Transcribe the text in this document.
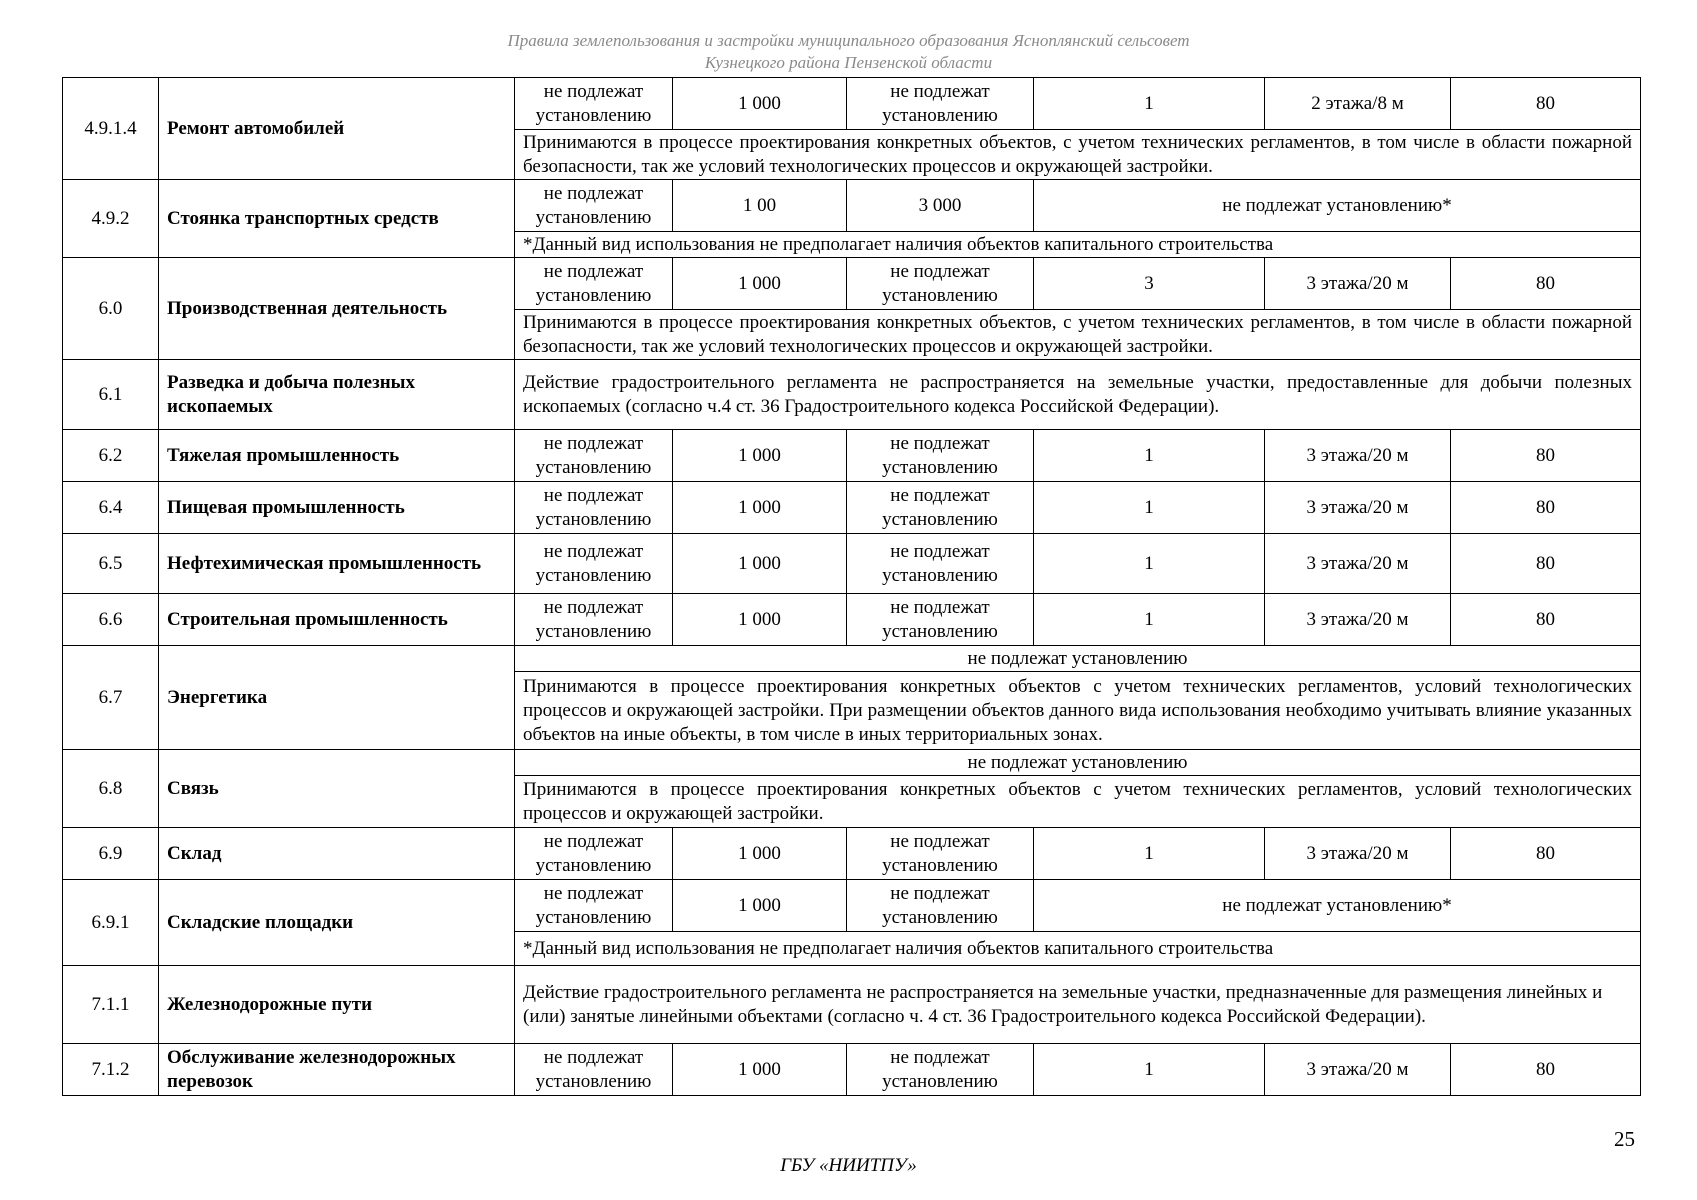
Правила землепользования и застройки муниципального образования Ясноплянский сельсовет
Кузнецкого района Пензенской области
4.9.1.4	Ремонт автомобилей	не подлежат установлению	1 000	не подлежат установлению	1	2 этажа/8 м	80
		Принимаются в процессе проектирования конкретных объектов, с учетом технических регламентов, в том числе в области пожарной безопасности, так же условий технологических процессов и окружающей застройки.					
4.9.2	Стоянка транспортных средств	не подлежат установлению	1 00	3 000	не подлежат установлению*		
		*Данный вид использования не предполагает наличия объектов капитального строительства					
6.0	Производственная деятельность	не подлежат установлению	1 000	не подлежат установлению	3	3 этажа/20 м	80
		Принимаются в процессе проектирования конкретных объектов, с учетом технических регламентов, в том числе в области пожарной безопасности, так же условий технологических процессов и окружающей застройки.					
6.1	Разведка и добыча полезных ископаемых	Действие градостроительного регламента не распространяется на земельные участки, предоставленные для добычи полезных ископаемых (согласно ч.4 ст. 36 Градостроительного кодекса Российской Федерации).					
6.2	Тяжелая промышленность	не подлежат установлению	1 000	не подлежат установлению	1	3 этажа/20 м	80
6.4	Пищевая промышленность	не подлежат установлению	1 000	не подлежат установлению	1	3 этажа/20 м	80
6.5	Нефтехимическая промышленность	не подлежат установлению	1 000	не подлежат установлению	1	3 этажа/20 м	80
6.6	Строительная промышленность	не подлежат установлению	1 000	не подлежат установлению	1	3 этажа/20 м	80
6.7	Энергетика	не подлежат установлению					
		Принимаются в процессе проектирования конкретных объектов с учетом технических регламентов, условий технологических процессов и окружающей застройки. При размещении объектов данного вида использования необходимо учитывать влияние указанных объектов на иные объекты, в том числе в иных территориальных зонах.					
6.8	Связь	не подлежат установлению					
		Принимаются в процессе проектирования конкретных объектов с учетом технических регламентов, условий технологических процессов и окружающей застройки.					
6.9	Склад	не подлежат установлению	1 000	не подлежат установлению	1	3 этажа/20 м	80
6.9.1	Складские площадки	не подлежат установлению	1 000	не подлежат установлению	не подлежат установлению*		
		*Данный вид использования не предполагает наличия объектов капитального строительства					
7.1.1	Железнодорожные пути	Действие градостроительного регламента не распространяется на земельные участки, предназначенные для размещения линейных и (или) занятые линейными объектами (согласно ч. 4 ст. 36 Градостроительного кодекса Российской Федерации).					
7.1.2	Обслуживание железнодорожных перевозок	не подлежат установлению	1 000	не подлежат установлению	1	3 этажа/20 м	80
25
ГБУ «НИИТПУ»
